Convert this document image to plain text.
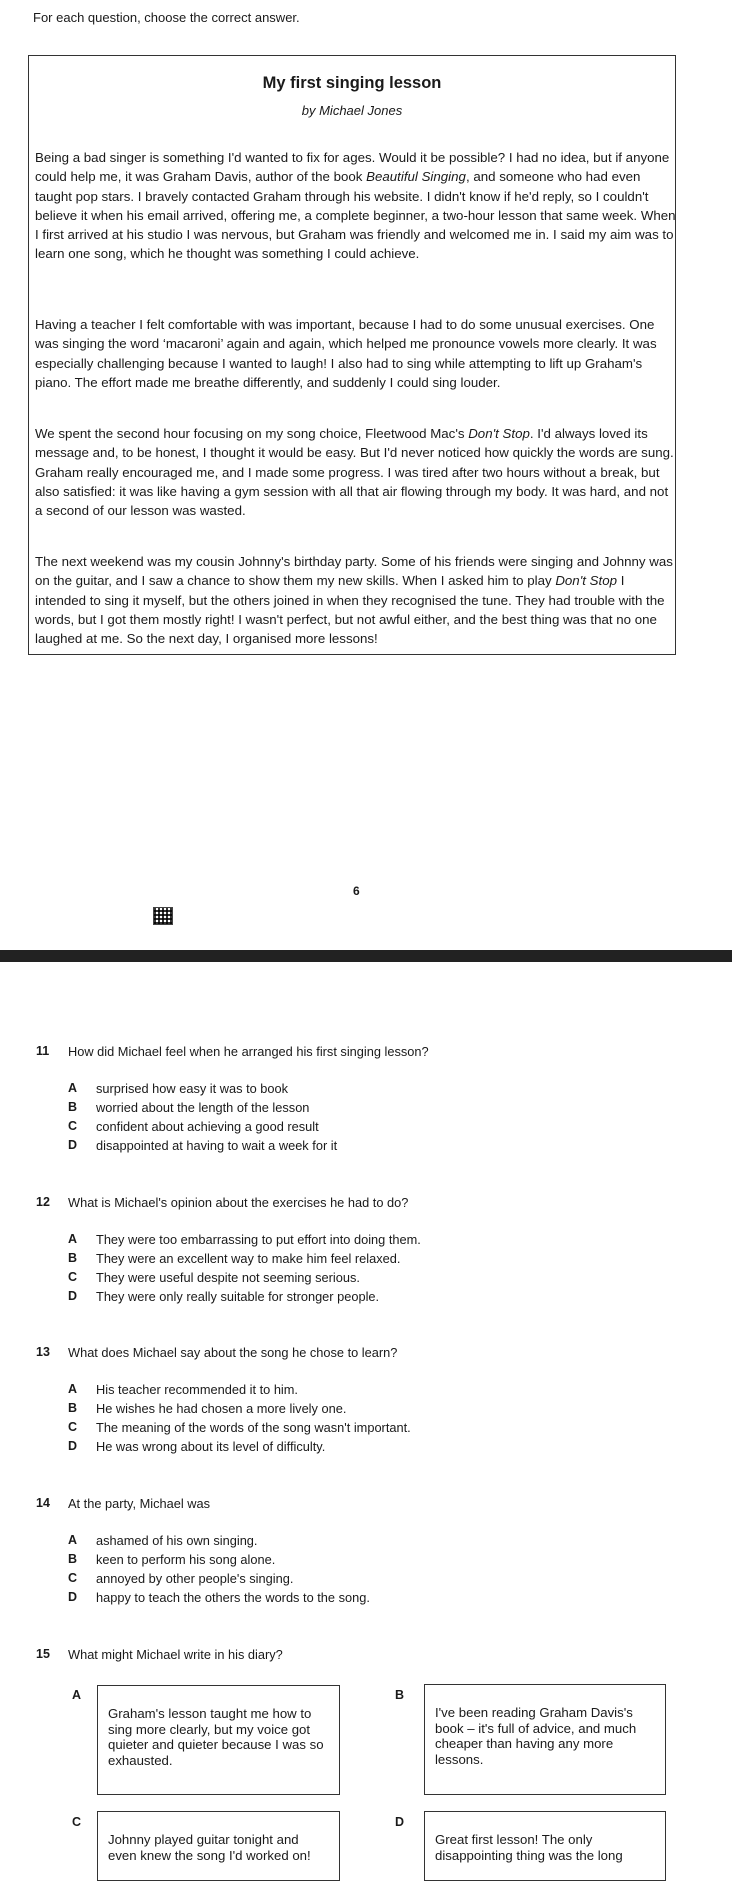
For each question, choose the correct answer.
My first singing lesson
by Michael Jones

Being a bad singer is something I'd wanted to fix for ages. Would it be possible? I had no idea, but if anyone could help me, it was Graham Davis, author of the book Beautiful Singing, and someone who had even taught pop stars. I bravely contacted Graham through his website. I didn't know if he'd reply, so I couldn't believe it when his email arrived, offering me, a complete beginner, a two-hour lesson that same week. When I first arrived at his studio I was nervous, but Graham was friendly and welcomed me in. I said my aim was to learn one song, which he thought was something I could achieve.

Having a teacher I felt comfortable with was important, because I had to do some unusual exercises. One was singing the word ‘macaroni’ again and again, which helped me pronounce vowels more clearly. It was especially challenging because I wanted to laugh! I also had to sing while attempting to lift up Graham's piano. The effort made me breathe differently, and suddenly I could sing louder.

We spent the second hour focusing on my song choice, Fleetwood Mac's Don't Stop. I'd always loved its message and, to be honest, I thought it would be easy. But I'd never noticed how quickly the words are sung. Graham really encouraged me, and I made some progress. I was tired after two hours without a break, but also satisfied: it was like having a gym session with all that air flowing through my body. It was hard, and not a second of our lesson was wasted.

The next weekend was my cousin Johnny's birthday party. Some of his friends were singing and Johnny was on the guitar, and I saw a chance to show them my new skills. When I asked him to play Don't Stop I intended to sing it myself, but the others joined in when they recognised the tune. They had trouble with the words, but I got them mostly right! I wasn't perfect, but not awful either, and the best thing was that no one laughed at me. So the next day, I organised more lessons!

6
11 How did Michael feel when he arranged his first singing lesson?
A surprised how easy it was to book
B worried about the length of the lesson
C confident about achieving a good result
D disappointed at having to wait a week for it
12 What is Michael's opinion about the exercises he had to do?
A They were too embarrassing to put effort into doing them.
B They were an excellent way to make him feel relaxed.
C They were useful despite not seeming serious.
D They were only really suitable for stronger people.
13 What does Michael say about the song he chose to learn?
A His teacher recommended it to him.
B He wishes he had chosen a more lively one.
C The meaning of the words of the song wasn't important.
D He was wrong about its level of difficulty.
14 At the party, Michael was
A ashamed of his own singing.
B keen to perform his song alone.
C annoyed by other people's singing.
D happy to teach the others the words to the song.
15 What might Michael write in his diary?
A
Graham's lesson taught me how to sing more clearly, but my voice got quieter and quieter because I was so exhausted.
B
I've been reading Graham Davis's book – it's full of advice, and much cheaper than having any more lessons.
C
Johnny played guitar tonight and even knew the song I'd worked on!
D
Great first lesson! The only disappointing thing was the long
